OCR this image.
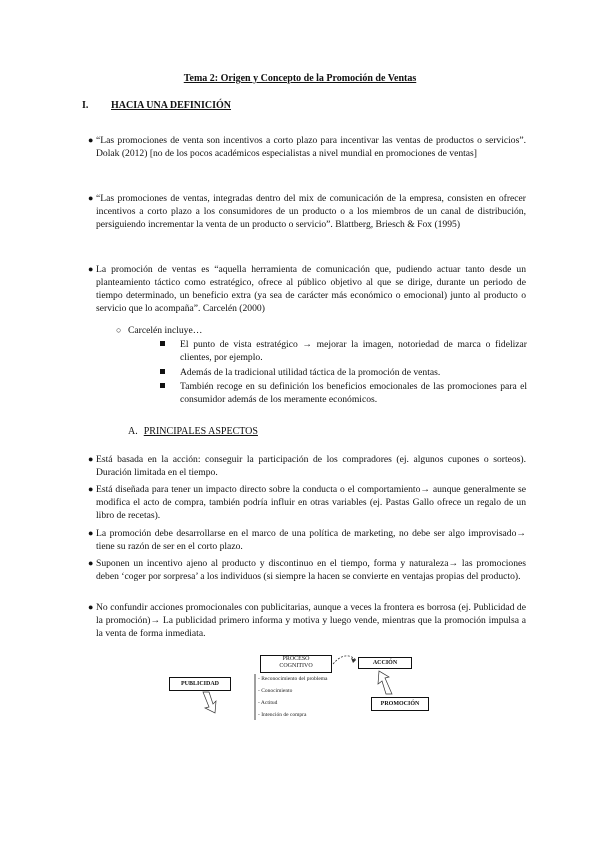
Tema 2: Origen y Concepto de la Promoción de Ventas
I. HACIA UNA DEFINICIÓN
● “Las promociones de venta son incentivos a corto plazo para incentivar las ventas de productos o servicios”. Dolak (2012) [no de los pocos académicos especialistas a nivel mundial en promociones de ventas]

● “Las promociones de ventas, integradas dentro del mix de comunicación de la empresa, consisten en ofrecer incentivos a corto plazo a los consumidores de un producto o a los miembros de un canal de distribución, persiguiendo incrementar la venta de un producto o servicio”. Blattberg, Briesch & Fox (1995)

● La promoción de ventas es “aquella herramienta de comunicación que, pudiendo actuar tanto desde un planteamiento táctico como estratégico, ofrece al público objetivo al que se dirige, durante un periodo de tiempo determinado, un beneficio extra (ya sea de carácter más económico o emocional) junto al producto o servicio que lo acompaña”. Carcelén (2000)

○ Carcelén incluye…

El punto de vista estratégico → mejorar la imagen, notoriedad de marca o fidelizar clientes, por ejemplo.

Además de la tradicional utilidad táctica de la promoción de ventas.

También recoge en su definición los beneficios emocionales de las promociones para el consumidor además de los meramente económicos.

A. PRINCIPALES ASPECTOS
● Está basada en la acción: conseguir la participación de los compradores (ej. algunos cupones o sorteos). Duración limitada en el tiempo.

● Está diseñada para tener un impacto directo sobre la conducta o el comportamiento→ aunque generalmente se modifica el acto de compra, también podría influir en otras variables (ej. Pastas Gallo ofrece un regalo de un libro de recetas).

● La promoción debe desarrollarse en el marco de una política de marketing, no debe ser algo improvisado→ tiene su razón de ser en el corto plazo.

● Suponen un incentivo ajeno al producto y discontinuo en el tiempo, forma y naturaleza→ las promociones deben ‘coger por sorpresa’ a los individuos (si siempre la hacen se convierte en ventajas propias del producto).

● No confundir acciones promocionales con publicitarias, aunque a veces la frontera es borrosa (ej. Publicidad de la promoción)→ La publicidad primero informa y motiva y luego vende, mientras que la promoción impulsa a la venta de forma inmediata.

PROCESO
COGNITIVO	ACCIÓN
PUBLICIDAD
PROMOCIÓN
- Reconocimiento del problema
- Conocimiento
- Actitud
- Intención de compra
